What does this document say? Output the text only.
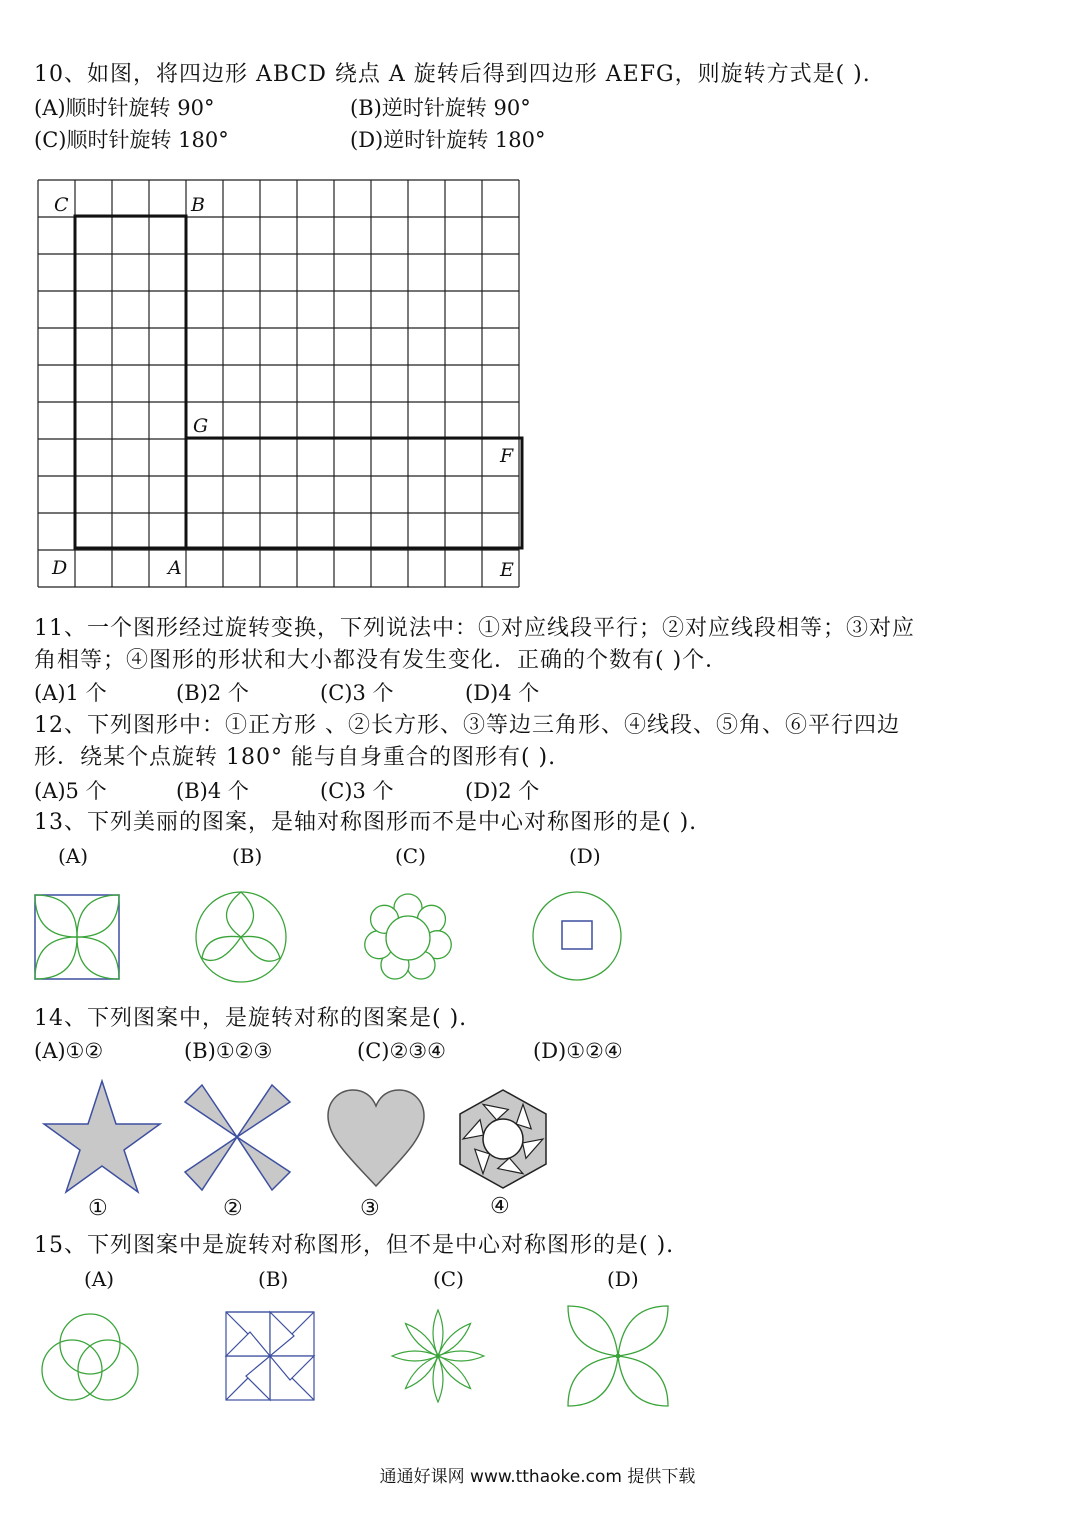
10、如图，将四边形 ABCD 绕点 A 旋转后得到四边形 AEFG，则旋转方式是( ).
(A)顺时针旋转 90°	(B)逆时针旋转 90°
(C)顺时针旋转 180°	(D)逆时针旋转 180°
C	B
G
F
D	A	E
11、一个图形经过旋转变换，下列说法中：①对应线段平行；②对应线段相等；③对应
角相等；④图形的形状和大小都没有发生变化．正确的个数有( )个．
(A)1 个	(B)2 个	(C)3 个	(D)4 个
12、下列图形中：①正方形 、②长方形、③等边三角形、④线段、⑤角、⑥平行四边
形．绕某个点旋转 180° 能与自身重合的图形有( ).
(A)5 个	(B)4 个	(C)3 个	(D)2 个
13、下列美丽的图案，是轴对称图形而不是中心对称图形的是( ).
(A)	(B)	(C)	(D)
14、下列图案中，是旋转对称的图案是( ).
(A)①②	(B)①②③	(C)②③④	(D)①②④
①	②	③	④
15、下列图案中是旋转对称图形，但不是中心对称图形的是( ).
(A)	(B)	(C)	(D)
通通好课网 www.tthaoke.com 提供下载
